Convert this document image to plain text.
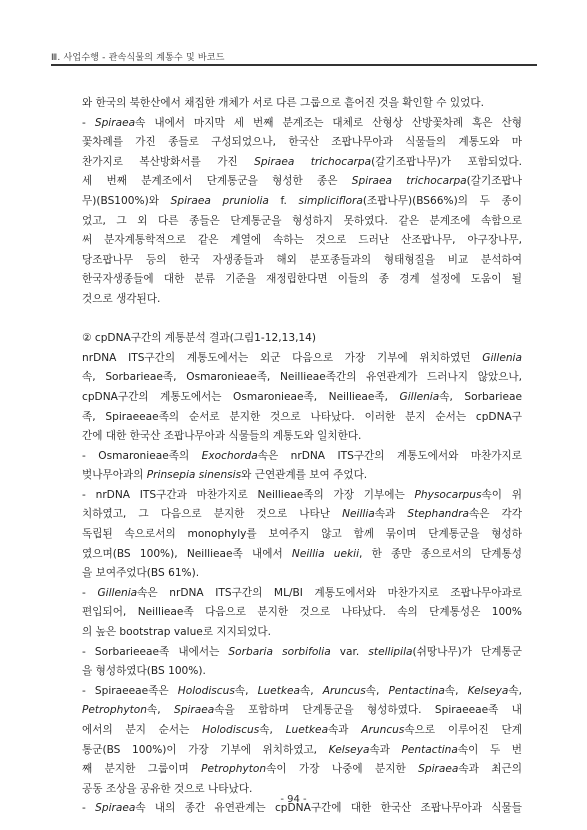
Ⅲ. 사업수행 - 관속식물의 계통수 및 바코드
와 한국의 북한산에서 채집한 개체가 서로 다른 그룹으로 흩어진 것을 확인할 수 있었다.
- Spiraea속 내에서 마지막 세 번째 분계조는 대체로 산형상 산방꽃차례 혹은 산형
꽃차례를 가진 종들로 구성되었으나, 한국산 조팝나무아과 식물들의 계통도와 마
찬가지로 복산방화서를 가진 Spiraea trichocarpa(갈기조팝나무)가 포함되었다.
세 번째 분계조에서 단계통군을 형성한 종은 Spiraea trichocarpa(갈기조팝나
무)(BS100%)와 Spiraea pruniolia f. simpliciflora(조팝나무)(BS66%)의 두 종이
었고, 그 외 다른 종들은 단계통군을 형성하지 못하였다. 같은 분계조에 속함으로
써 분자계통학적으로 같은 계열에 속하는 것으로 드러난 산조팝나무, 아구장나무,
당조팝나무 등의 한국 자생종들과 해외 분포종들과의 형태형질을 비교 분석하여
한국자생종들에 대한 분류 기준을 재정립한다면 이들의 종 경계 설정에 도움이 될
것으로 생각된다.
② cpDNA구간의 계통분석 결과(그림1-12,13,14)
nrDNA ITS구간의 계통도에서는 외군 다음으로 가장 기부에 위치하였던 Gillenia
속, Sorbarieae족, Osmaronieae족, Neillieae족간의 유연관계가 드러나지 않았으나,
cpDNA구간의 계통도에서는 Osmaronieae족, Neillieae족, Gillenia속, Sorbarieae
족, Spiraeeae족의 순서로 분지한 것으로 나타났다. 이러한 분지 순서는 cpDNA구
간에 대한 한국산 조팝나무아과 식물들의 계통도와 일치한다.
- Osmaronieae족의 Exochorda속은 nrDNA ITS구간의 계통도에서와 마찬가지로
벚나무아과의 Prinsepia sinensis와 근연관계를 보여 주었다.
- nrDNA ITS구간과 마찬가지로 Neillieae족의 가장 기부에는 Physocarpus속이 위
치하였고, 그 다음으로 분지한 것으로 나타난 Neillia속과 Stephandra속은 각각
독립된 속으로서의 monophyly를 보여주지 않고 함께 묶이며 단계통군을 형성하
였으며(BS 100%), Neillieae족 내에서 Neillia uekii, 한 종만 종으로서의 단계통성
을 보여주었다(BS 61%).
- Gillenia속은 nrDNA ITS구간의 ML/BI 계통도에서와 마찬가지로 조팝나무아과로
편입되어, Neillieae족 다음으로 분지한 것으로 나타났다. 속의 단계통성은 100%
의 높은 bootstrap value로 지지되었다.
- Sorbarieeae족 내에서는 Sorbaria sorbifolia var. stellipila(쉬땅나무)가 단계통군
을 형성하였다(BS 100%).
- Spiraeeae족은 Holodiscus속, Luetkea속, Aruncus속, Pentactina속, Kelseya속,
Petrophyton속, Spiraea속을 포함하며 단계통군을 형성하였다. Spiraeeae족 내
에서의 분지 순서는 Holodiscus속, Luetkea속과 Aruncus속으로 이루어진 단계
통군(BS 100%)이 가장 기부에 위치하였고, Kelseya속과 Pentactina속이 두 번
째 분지한 그룹이며 Petrophyton속이 가장 나중에 분지한 Spiraea속과 최근의
공동 조상을 공유한 것으로 나타났다.
- Spiraea속 내의 종간 유연관계는 cpDNA구간에 대한 한국산 조팝나무아과 식물들
- 94 -
